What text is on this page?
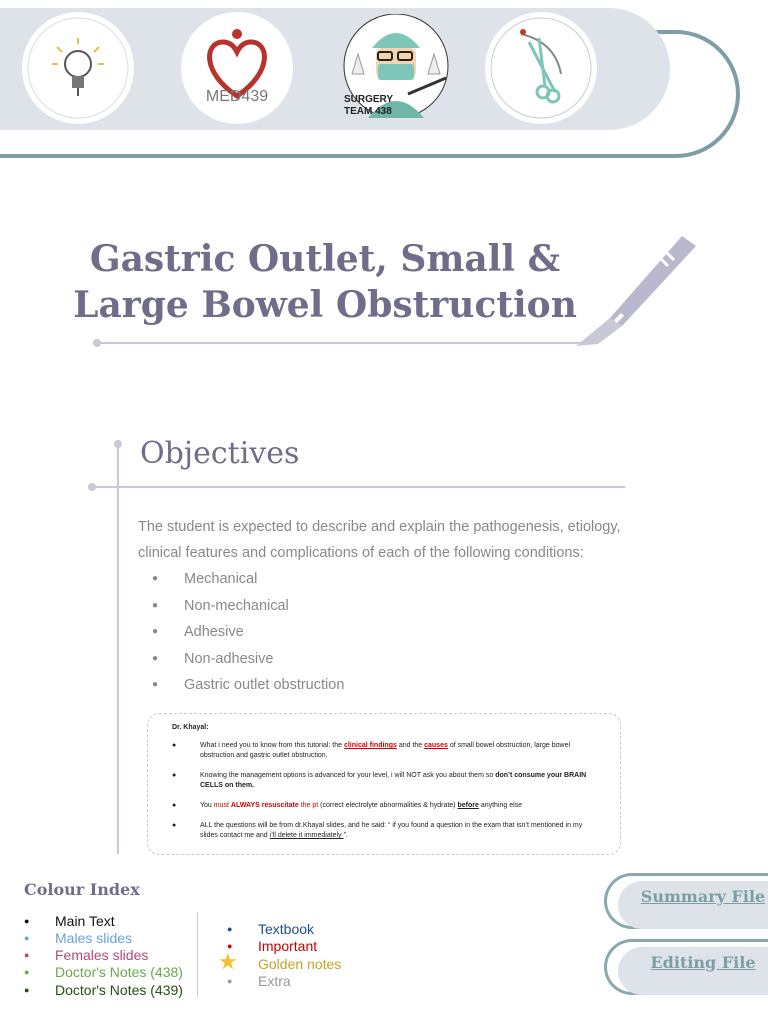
MED439	SURGERY
TEAM 438
Gastric Outlet, Small &
Large Bowel Obstruction
Objectives
The student is expected to describe and explain the pathogenesis, etiology, clinical features and complications of each of the following conditions:
●	Mechanical
●	Non-mechanical
●	Adhesive
●	Non-adhesive
●	Gastric outlet obstruction
Dr. Khayal:
●	What i need you to know from this tutorial: the clinical findings and the causes of small bowel obstruction, large bowel obstruction and gastric outlet obstruction.
●	Knowing the management options is advanced for your level, i will NOT ask you about them so don’t consume your BRAIN CELLS on them.
●	You must ALWAYS resuscitate the pt (correct electrolyte abnormalities & hydrate) before anything else
●	ALL the questions will be from dr.Khayal slides, and he said: “ if you found a question in the exam that isn’t mentioned in my slides contact me and i’ll delete it immediately ”.
Colour Index
● Main Text
● Males slides
● Females slides
● Doctor's Notes (438)
● Doctor's Notes (439)
● Textbook
● Important
★ Golden notes
● Extra
Summary File
Editing File
